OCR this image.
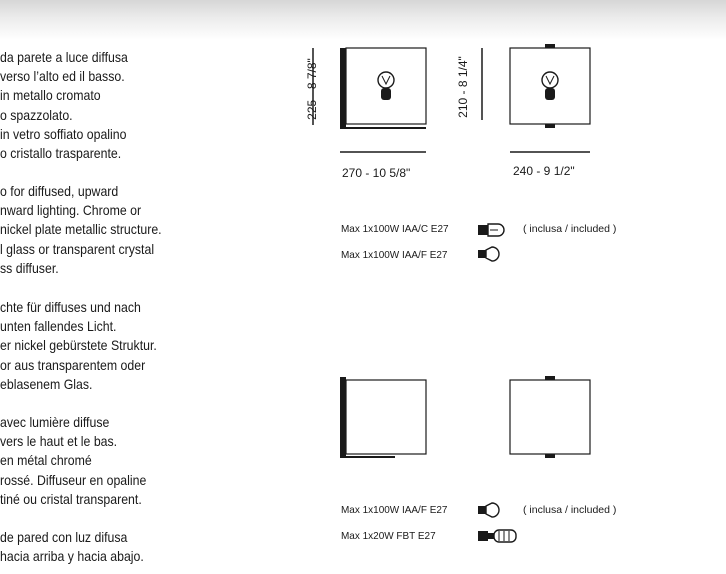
da parete a luce diffusa
verso l’alto ed il basso.
in metallo cromato
o spazzolato.
in vetro soffiato opalino
o cristallo trasparente.

o for diffused, upward
nward lighting. Chrome or
nickel plate metallic structure.
l glass or transparent crystal
ss diffuser.

chte für diffuses und nach
unten fallendes Licht.
er nickel gebürstete Struktur.
or aus transparentem oder
eblasenem Glas.

avec lumière diffuse
vers le haut et le bas.
en métal chromé
rossé. Diffuseur en opaline
tiné ou cristal transparent.

de pared con luz difusa
hacia arriba y hacia abajo.

225 - 8 7/8"
270 - 10 5/8"
210 - 8 1/4"
240 - 9 1/2"
Max 1x100W IAA/C E27	( inclusa / included )
Max 1x100W IAA/F E27
Max 1x100W IAA/F E27	( inclusa / included )
Max 1x20W FBT E27
